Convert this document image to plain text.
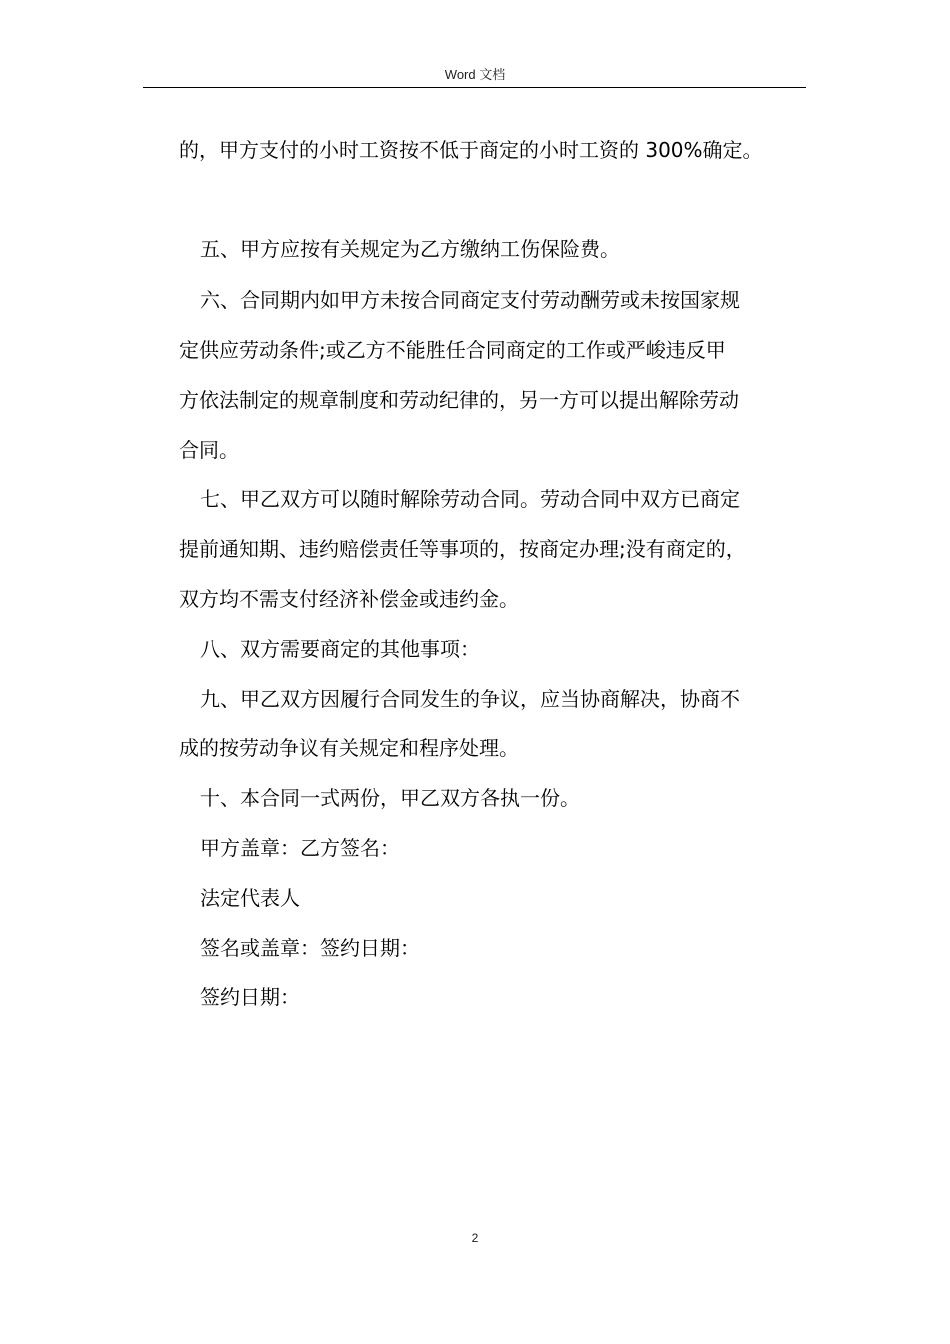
Word 文档
的，甲方支付的小时工资按不低于商定的小时工资的 300%确定。
五、甲方应按有关规定为乙方缴纳工伤保险费。
六、合同期内如甲方未按合同商定支付劳动酬劳或未按国家规
定供应劳动条件;或乙方不能胜任合同商定的工作或严峻违反甲
方依法制定的规章制度和劳动纪律的，另一方可以提出解除劳动
合同。
七、甲乙双方可以随时解除劳动合同。劳动合同中双方已商定
提前通知期、违约赔偿责任等事项的，按商定办理;没有商定的，
双方均不需支付经济补偿金或违约金。
八、双方需要商定的其他事项：
九、甲乙双方因履行合同发生的争议，应当协商解决，协商不
成的按劳动争议有关规定和程序处理。
十、本合同一式两份，甲乙双方各执一份。
甲方盖章：乙方签名：
法定代表人
签名或盖章：签约日期：
签约日期：
2
